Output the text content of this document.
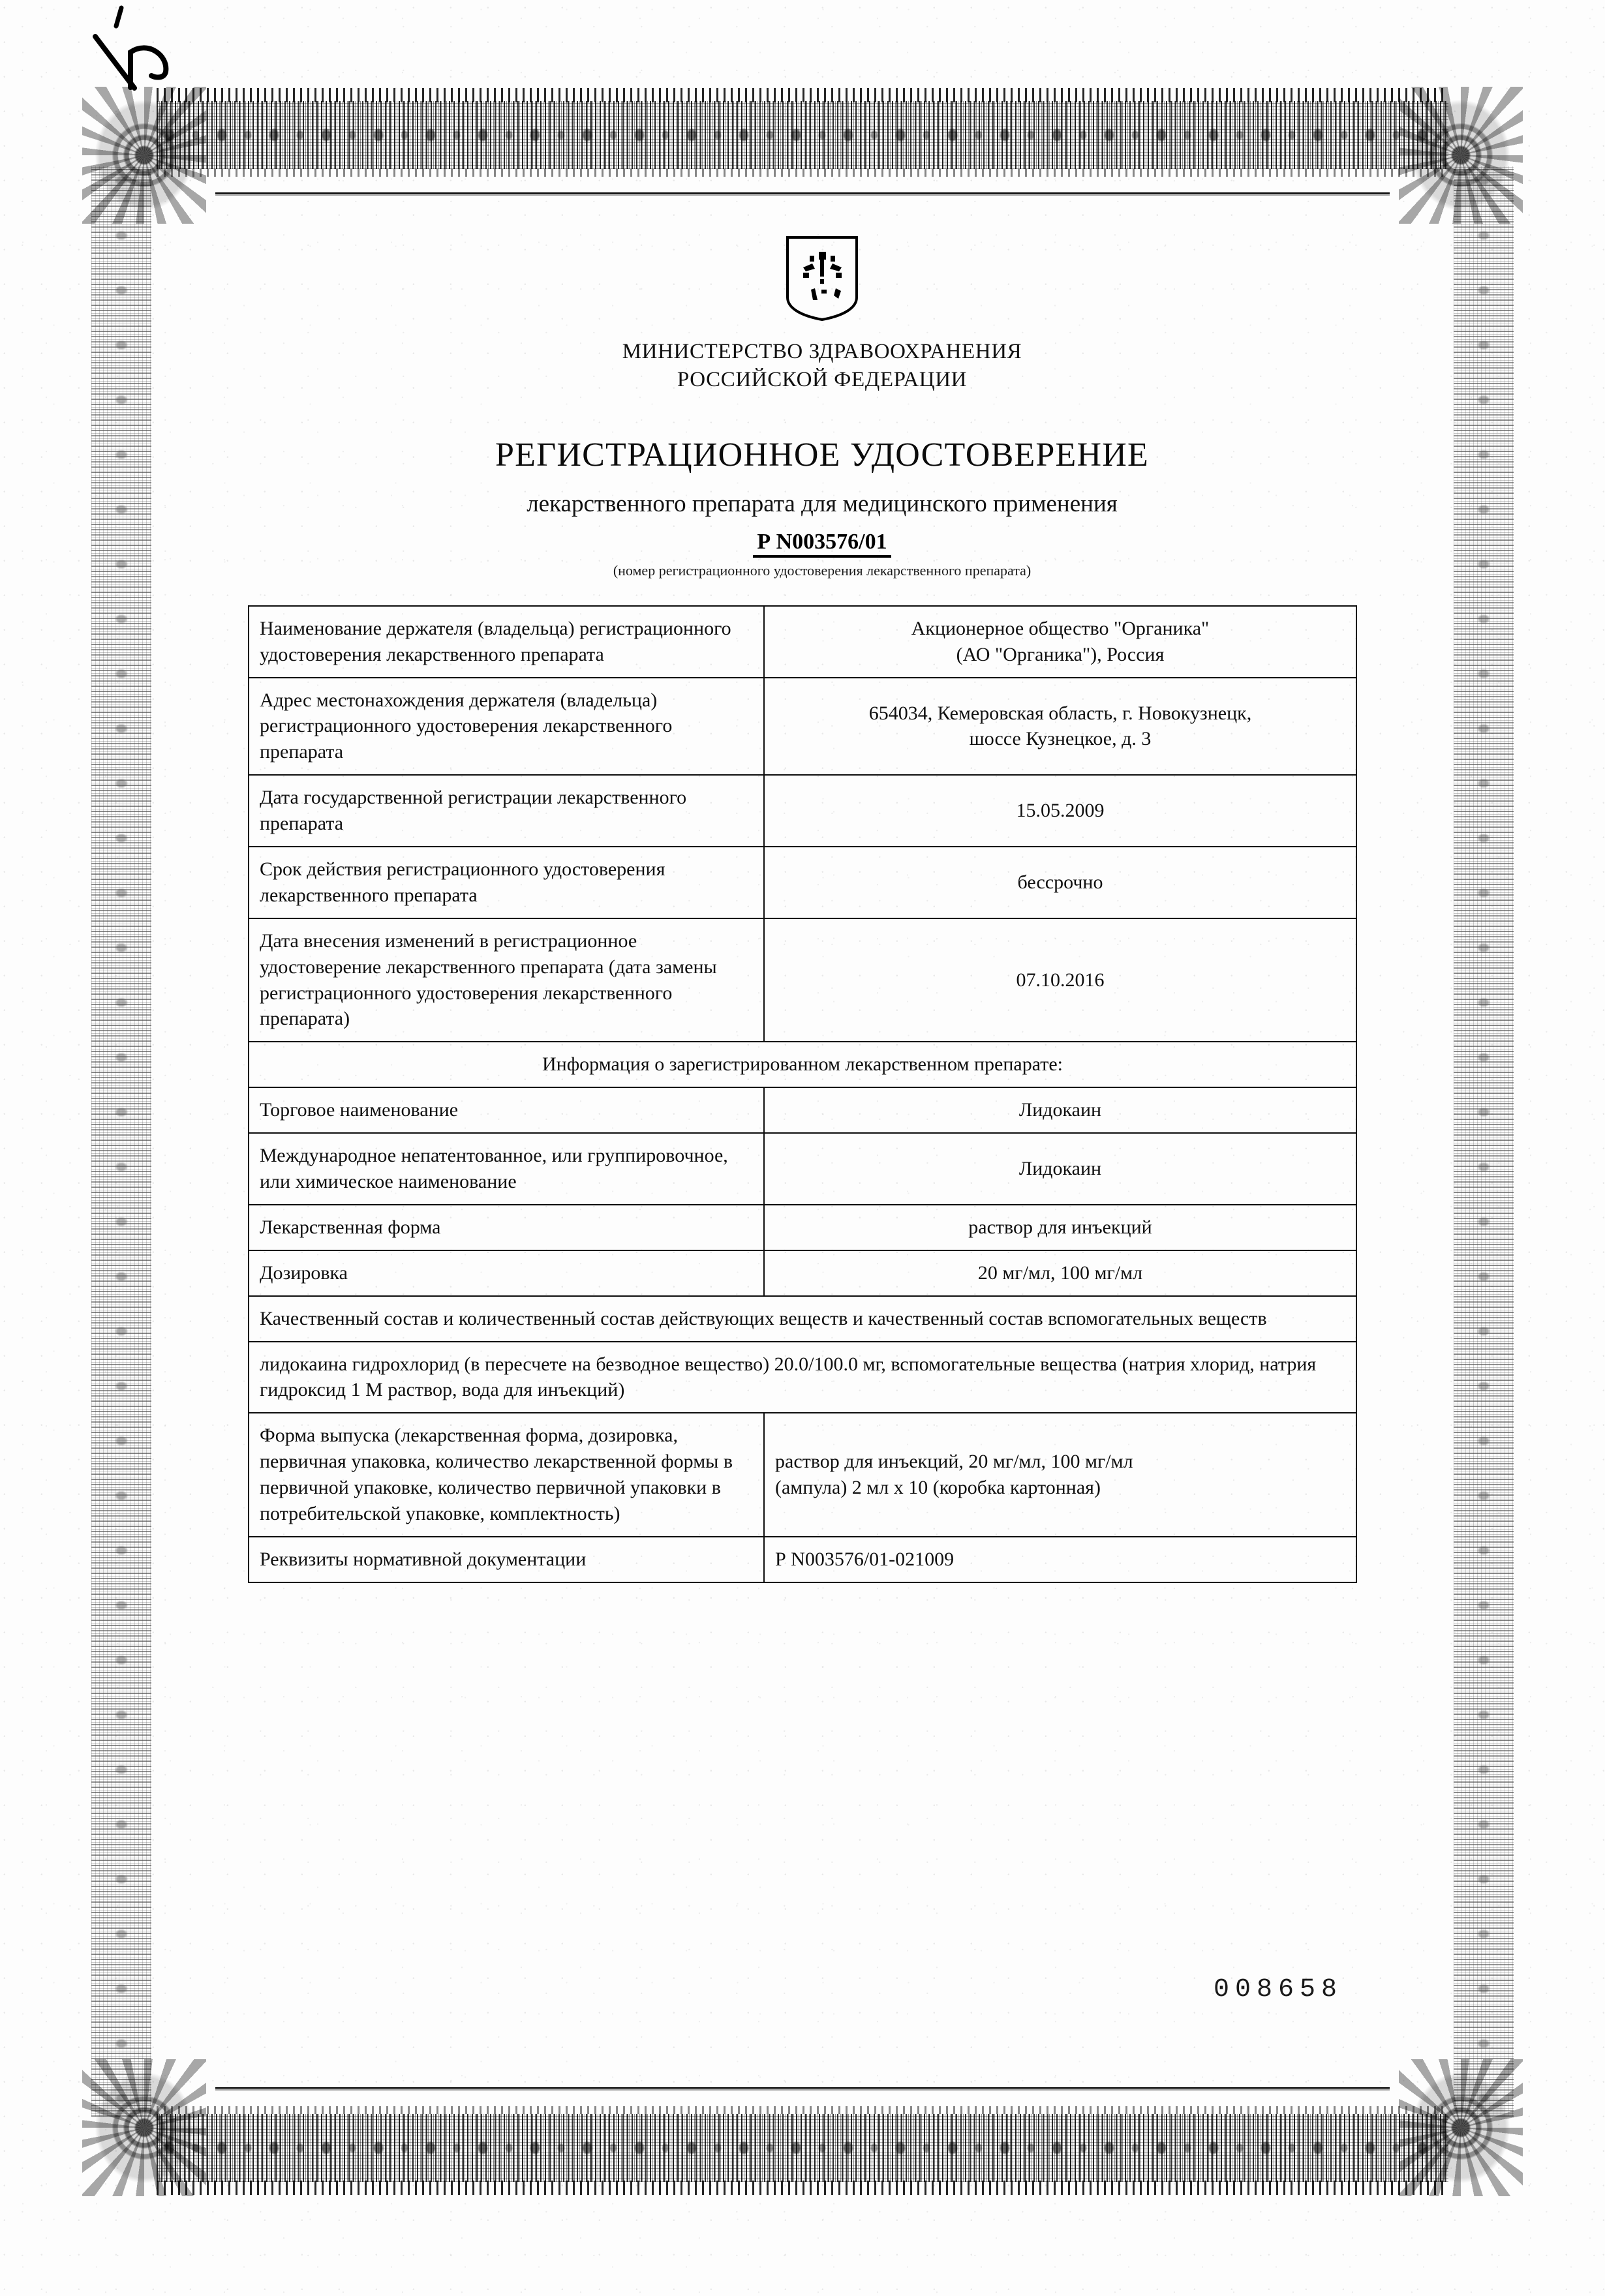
МИНИСТЕРСТВО ЗДРАВООХРАНЕНИЯ
РОССИЙСКОЙ ФЕДЕРАЦИИ
РЕГИСТРАЦИОННОЕ УДОСТОВЕРЕНИЕ
лекарственного препарата для медицинского применения
Р N003576/01
(номер регистрационного удостоверения лекарственного препарата)
Наименование держателя (владельца) регистрационного удостоверения лекарственного препарата	Акционерное общество "Органика"
(АО "Органика"), Россия
Адрес местонахождения держателя (владельца) регистрационного удостоверения лекарственного препарата	654034, Кемеровская область, г. Новокузнецк,
шоссе Кузнецкое, д. 3
Дата государственной регистрации лекарственного препарата	15.05.2009
Срок действия регистрационного удостоверения лекарственного препарата	бессрочно
Дата внесения изменений в регистрационное удостоверение лекарственного препарата (дата замены регистрационного удостоверения лекарственного препарата)	07.10.2016
Информация о зарегистрированном лекарственном препарате:	
Торговое наименование	Лидокаин
Международное непатентованное, или группировочное, или химическое наименование	Лидокаин
Лекарственная форма	раствор для инъекций
Дозировка	20 мг/мл, 100 мг/мл
Качественный состав и количественный состав действующих веществ и качественный состав вспомогательных веществ	
лидокаина гидрохлорид (в пересчете на безводное вещество) 20.0/100.0 мг, вспомогательные вещества (натрия хлорид, натрия гидроксид 1 М раствор, вода для инъекций)	
Форма выпуска (лекарственная форма, дозировка, первичная упаковка, количество лекарственной формы в первичной упаковке, количество первичной упаковки в потребительской упаковке, комплектность)	раствор для инъекций, 20 мг/мл, 100 мг/мл
(ампула) 2 мл х 10 (коробка картонная)
Реквизиты нормативной документации	Р N003576/01-021009
008658
